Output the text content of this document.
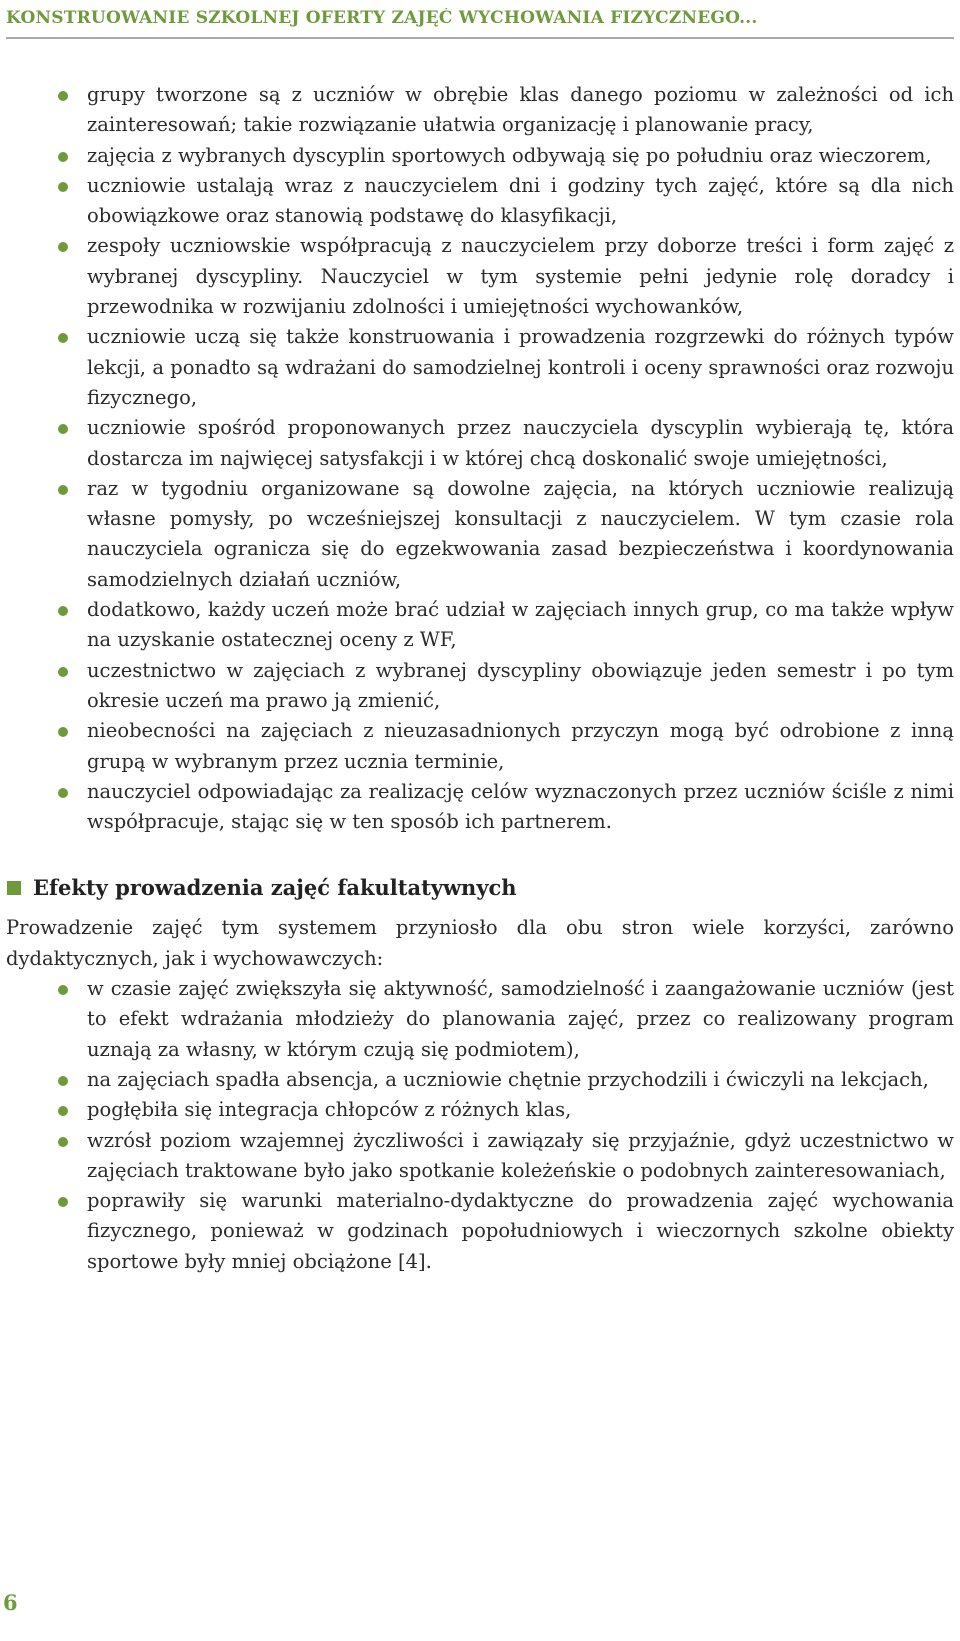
KONSTRUOWANIE SZKOLNEJ OFERTY ZAJĘĆ WYCHOWANIA FIZYCZNEGO...
grupy tworzone są z uczniów w obrębie klas danego poziomu w zależności od ich zainteresowań; takie rozwiązanie ułatwia organizację i planowanie pracy,
zajęcia z wybranych dyscyplin sportowych odbywają się po południu oraz wieczorem,
uczniowie ustalają wraz z nauczycielem dni i godziny tych zajęć, które są dla nich obowiązkowe oraz stanowią podstawę do klasyfikacji,
zespoły uczniowskie współpracują z nauczycielem przy doborze treści i form zajęć z wybranej dyscypliny. Nauczyciel w tym systemie pełni jedynie rolę doradcy i przewodnika w rozwijaniu zdolności i umiejętności wychowanków,
uczniowie uczą się także konstruowania i prowadzenia rozgrzewki do różnych typów lekcji, a ponadto są wdrażani do samodzielnej kontroli i oceny sprawności oraz rozwoju fizycznego,
uczniowie spośród proponowanych przez nauczyciela dyscyplin wybierają tę, która dostarcza im najwięcej satysfakcji i w której chcą doskonalić swoje umiejętności,
raz w tygodniu organizowane są dowolne zajęcia, na których uczniowie realizują własne pomysły, po wcześniejszej konsultacji z nauczycielem. W tym czasie rola nauczyciela ogranicza się do egzekwowania zasad bezpieczeństwa i koordynowania samodzielnych działań uczniów,
dodatkowo, każdy uczeń może brać udział w zajęciach innych grup, co ma także wpływ na uzyskanie ostatecznej oceny z WF,
uczestnictwo w zajęciach z wybranej dyscypliny obowiązuje jeden semestr i po tym okresie uczeń ma prawo ją zmienić,
nieobecności na zajęciach z nieuzasadnionych przyczyn mogą być odrobione z inną grupą w wybranym przez ucznia terminie,
nauczyciel odpowiadając za realizację celów wyznaczonych przez uczniów ściśle z nimi współpracuje, stając się w ten sposób ich partnerem.
Efekty prowadzenia zajęć fakultatywnych

Prowadzenie zajęć tym systemem przyniosło dla obu stron wiele korzyści, zarówno dydaktycznych, jak i wychowawczych:

w czasie zajęć zwiększyła się aktywność, samodzielność i zaangażowanie uczniów (jest to efekt wdrażania młodzieży do planowania zajęć, przez co realizowany program uznają za własny, w którym czują się podmiotem),
na zajęciach spadła absencja, a uczniowie chętnie przychodzili i ćwiczyli na lekcjach,
pogłębiła się integracja chłopców z różnych klas,
wzrósł poziom wzajemnej życzliwości i zawiązały się przyjaźnie, gdyż uczestnictwo w zajęciach traktowane było jako spotkanie koleżeńskie o podobnych zainteresowaniach,
poprawiły się warunki materialno-dydaktyczne do prowadzenia zajęć wychowania fizycznego, ponieważ w godzinach popołudniowych i wieczornych szkolne obiekty sportowe były mniej obciążone [4].
6
